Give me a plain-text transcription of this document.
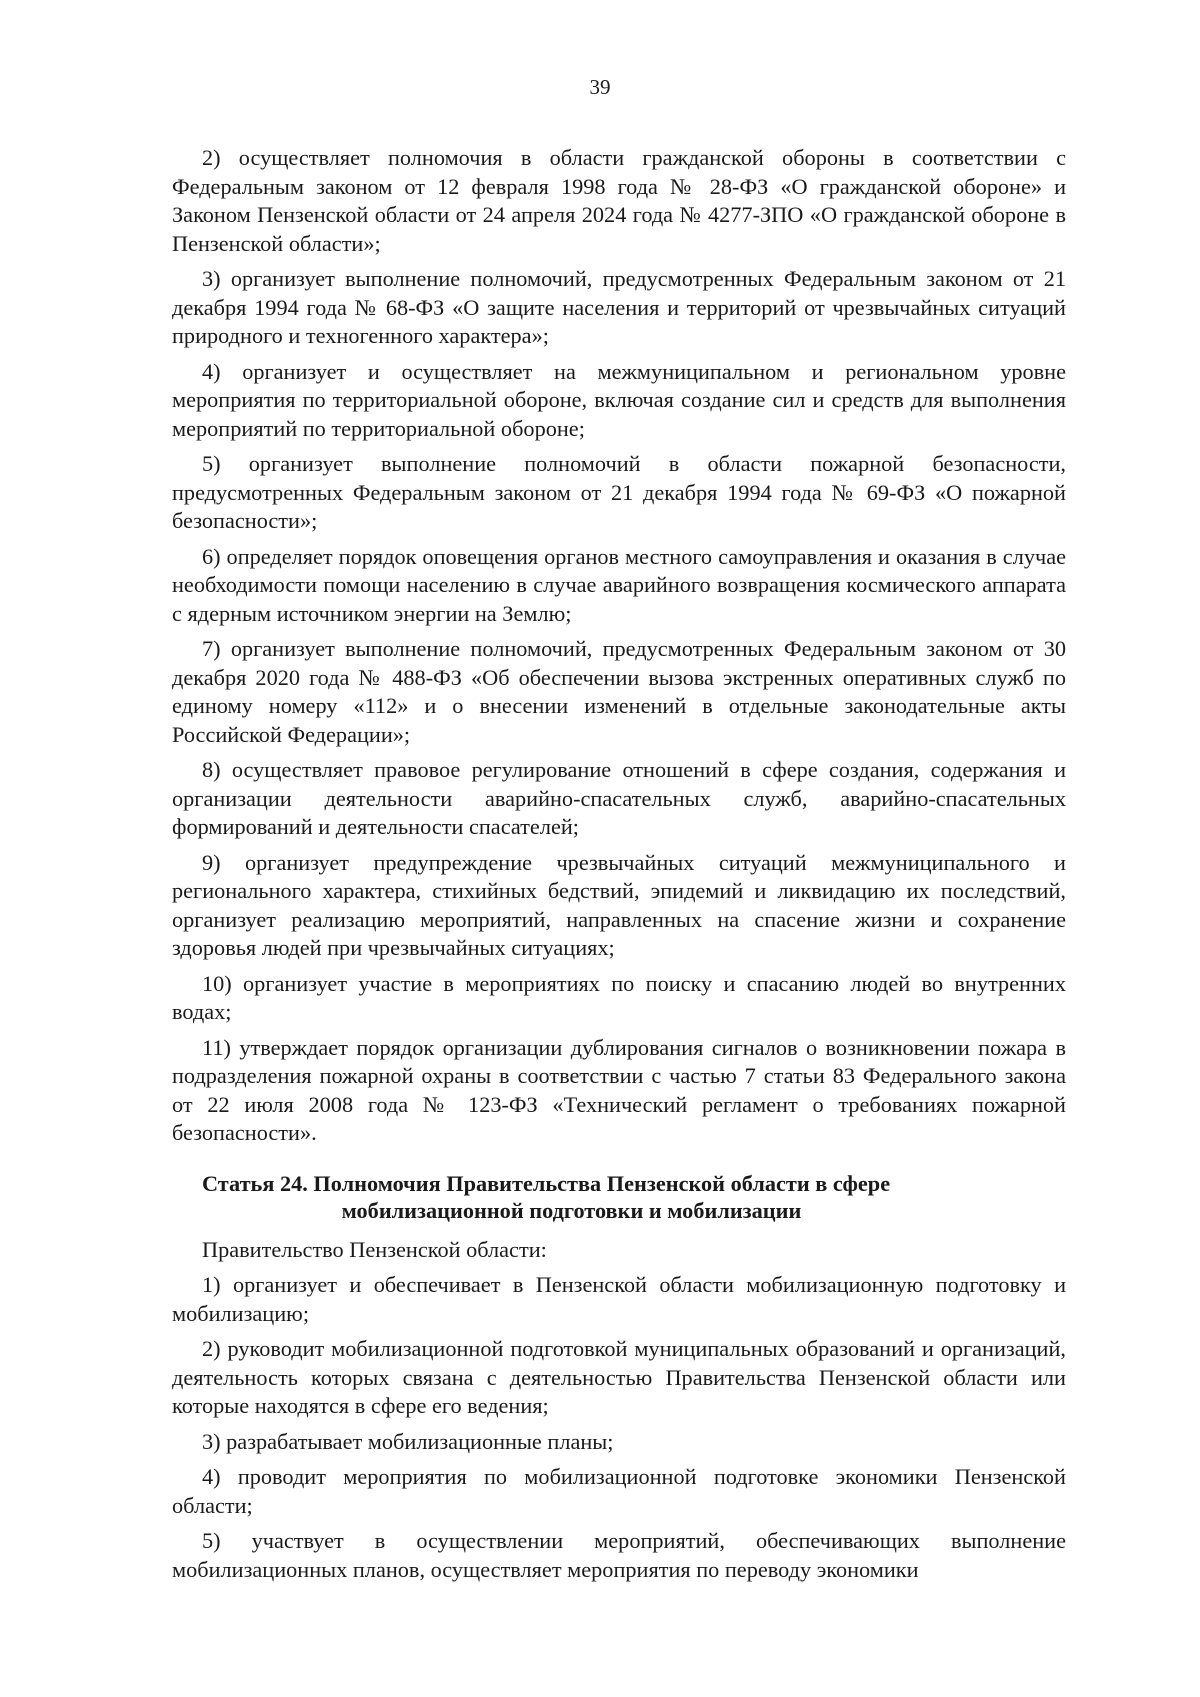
39

2) осуществляет полномочия в области гражданской обороны в соответствии с Федеральным законом от 12 февраля 1998 года № 28-ФЗ «О гражданской обороне» и Законом Пензенской области от 24 апреля 2024 года № 4277-ЗПО «О гражданской обороне в Пензенской области»;

3) организует выполнение полномочий, предусмотренных Федеральным законом от 21 декабря 1994 года № 68-ФЗ «О защите населения и территорий от чрезвычайных ситуаций природного и техногенного характера»;

4) организует и осуществляет на межмуниципальном и региональном уровне мероприятия по территориальной обороне, включая создание сил и средств для выполнения мероприятий по территориальной обороне;

5) организует выполнение полномочий в области пожарной безопасности, предусмотренных Федеральным законом от 21 декабря 1994 года № 69-ФЗ «О пожарной безопасности»;

6) определяет порядок оповещения органов местного самоуправления и оказания в случае необходимости помощи населению в случае аварийного возвращения космического аппарата с ядерным источником энергии на Землю;

7) организует выполнение полномочий, предусмотренных Федеральным законом от 30 декабря 2020 года № 488-ФЗ «Об обеспечении вызова экстренных оперативных служб по единому номеру «112» и о внесении изменений в отдельные законодательные акты Российской Федерации»;

8) осуществляет правовое регулирование отношений в сфере создания, содержания и организации деятельности аварийно-спасательных служб, аварийно-спасательных формирований и деятельности спасателей;

9) организует предупреждение чрезвычайных ситуаций межмуниципального и регионального характера, стихийных бедствий, эпидемий и ликвидацию их последствий, организует реализацию мероприятий, направленных на спасение жизни и сохранение здоровья людей при чрезвычайных ситуациях;

10) организует участие в мероприятиях по поиску и спасанию людей во внутренних водах;

11) утверждает порядок организации дублирования сигналов о возникновении пожара в подразделения пожарной охраны в соответствии с частью 7 статьи 83 Федерального закона от 22 июля 2008 года № 123-ФЗ «Технический регламент о требованиях пожарной безопасности».

Статья 24. Полномочия Правительства Пензенской области в сфере
мобилизационной подготовки и мобилизации

Правительство Пензенской области:

1) организует и обеспечивает в Пензенской области мобилизационную подготовку и мобилизацию;

2) руководит мобилизационной подготовкой муниципальных образований и организаций, деятельность которых связана с деятельностью Правительства Пензенской области или которые находятся в сфере его ведения;

3) разрабатывает мобилизационные планы;

4) проводит мероприятия по мобилизационной подготовке экономики Пензенской области;

5) участвует в осуществлении мероприятий, обеспечивающих выполнение мобилизационных планов, осуществляет мероприятия по переводу экономики
